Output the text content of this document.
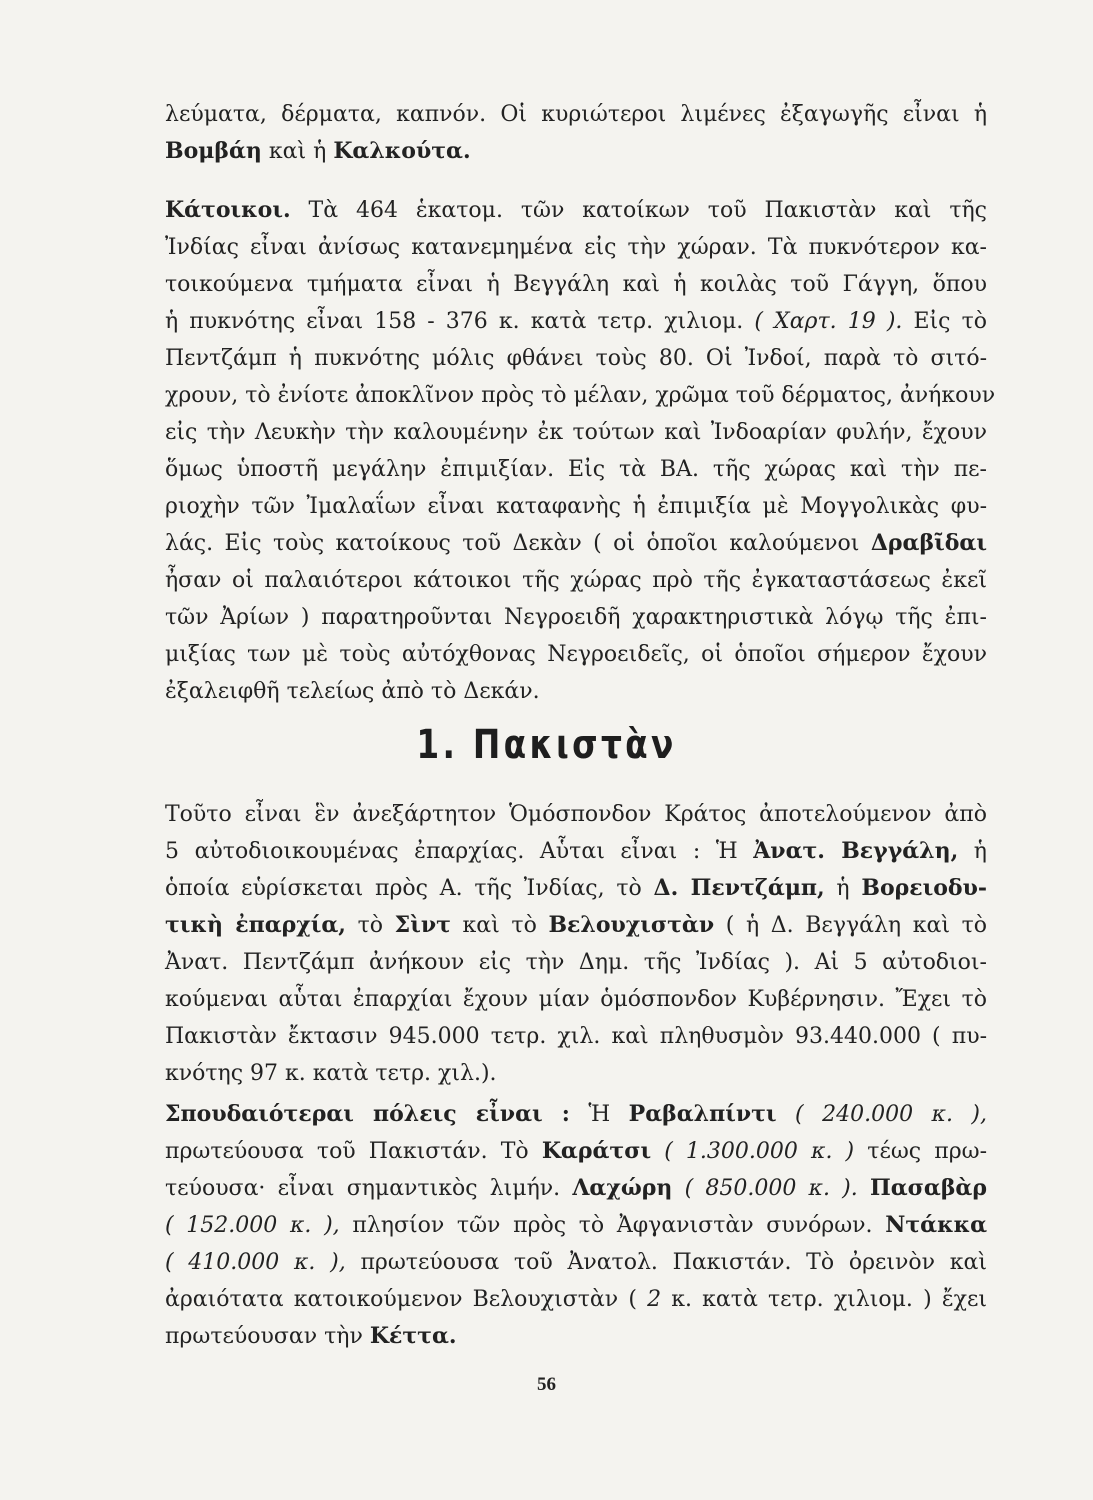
λεύματα, δέρματα, καπνόν. Οἱ κυριώτεροι λιμένες ἐξαγωγῆς εἶναι ἡ
Βομβάη καὶ ἡ Καλκούτα.
Κάτοικοι. Τὰ 464 ἑκατομ. τῶν κατοίκων τοῦ Πακιστὰν καὶ τῆς
Ἰνδίας εἶναι ἀνίσως κατανεμημένα εἰς τὴν χώραν. Τὰ πυκνότερον κα-
τοικούμενα τμήματα εἶναι ἡ Βεγγάλη καὶ ἡ κοιλὰς τοῦ Γάγγη, ὅπου
ἡ πυκνότης εἶναι 158 - 376 κ. κατὰ τετρ. χιλιομ. ( Χαρτ. 19 ). Εἰς τὸ
Πεντζάμπ ἡ πυκνότης μόλις φθάνει τοὺς 80. Οἱ Ἰνδοί, παρὰ τὸ σιτό-
χρουν, τὸ ἐνίοτε ἀποκλῖνον πρὸς τὸ μέλαν, χρῶμα τοῦ δέρματος, ἀνήκουν
εἰς τὴν Λευκὴν τὴν καλουμένην ἐκ τούτων καὶ Ἰνδοαρίαν φυλήν, ἔχουν
ὅμως ὑποστῆ μεγάλην ἐπιμιξίαν. Εἰς τὰ ΒΑ. τῆς χώρας καὶ τὴν πε-
ριοχὴν τῶν Ἰμαλαΐων εἶναι καταφανὴς ἡ ἐπιμιξία μὲ Μογγολικὰς φυ-
λάς. Εἰς τοὺς κατοίκους τοῦ Δεκὰν ( οἱ ὁποῖοι καλούμενοι Δραβῖδαι
ἦσαν οἱ παλαιότεροι κάτοικοι τῆς χώρας πρὸ τῆς ἐγκαταστάσεως ἐκεῖ
τῶν Ἀρίων ) παρατηροῦνται Νεγροειδῆ χαρακτηριστικὰ λόγῳ τῆς ἐπι-
μιξίας των μὲ τοὺς αὐτόχθονας Νεγροειδεῖς, οἱ ὁποῖοι σήμερον ἔχουν
ἐξαλειφθῆ τελείως ἀπὸ τὸ Δεκάν.
1. Πακιστὰν
Τοῦτο εἶναι ἓν ἀνεξάρτητον Ὁμόσπονδον Κράτος ἀποτελούμενον ἀπὸ
5 αὐτοδιοικουμένας ἐπαρχίας. Αὗται εἶναι : Ἡ Ἀνατ. Βεγγάλη, ἡ
ὁποία εὑρίσκεται πρὸς Α. τῆς Ἰνδίας, τὸ Δ. Πεντζάμπ, ἡ Βορειοδυ-
τικὴ ἐπαρχία, τὸ Σὶντ καὶ τὸ Βελουχιστὰν ( ἡ Δ. Βεγγάλη καὶ τὸ
Ἀνατ. Πεντζάμπ ἀνήκουν εἰς τὴν Δημ. τῆς Ἰνδίας ). Αἱ 5 αὐτοδιοι-
κούμεναι αὗται ἐπαρχίαι ἔχουν μίαν ὁμόσπονδον Κυβέρνησιν. Ἔχει τὸ
Πακιστὰν ἔκτασιν 945.000 τετρ. χιλ. καὶ πληθυσμὸν 93.440.000 ( πυ-
κνότης 97 κ. κατὰ τετρ. χιλ.).
Σπουδαιότεραι πόλεις εἶναι : Ἡ Ραβαλπίντι ( 240.000 κ. ),
πρωτεύουσα τοῦ Πακιστάν. Τὸ Καράτσι ( 1.300.000 κ. ) τέως πρω-
τεύουσα· εἶναι σημαντικὸς λιμήν. Λαχώρη ( 850.000 κ. ). Πασαβὰρ
( 152.000 κ. ), πλησίον τῶν πρὸς τὸ Ἀφγανιστὰν συνόρων. Ντάκκα
( 410.000 κ. ), πρωτεύουσα τοῦ Ἀνατολ. Πακιστάν. Τὸ ὀρεινὸν καὶ
ἀραιότατα κατοικούμενον Βελουχιστὰν ( 2 κ. κατὰ τετρ. χιλιομ. ) ἔχει
πρωτεύουσαν τὴν Κέττα.
56
